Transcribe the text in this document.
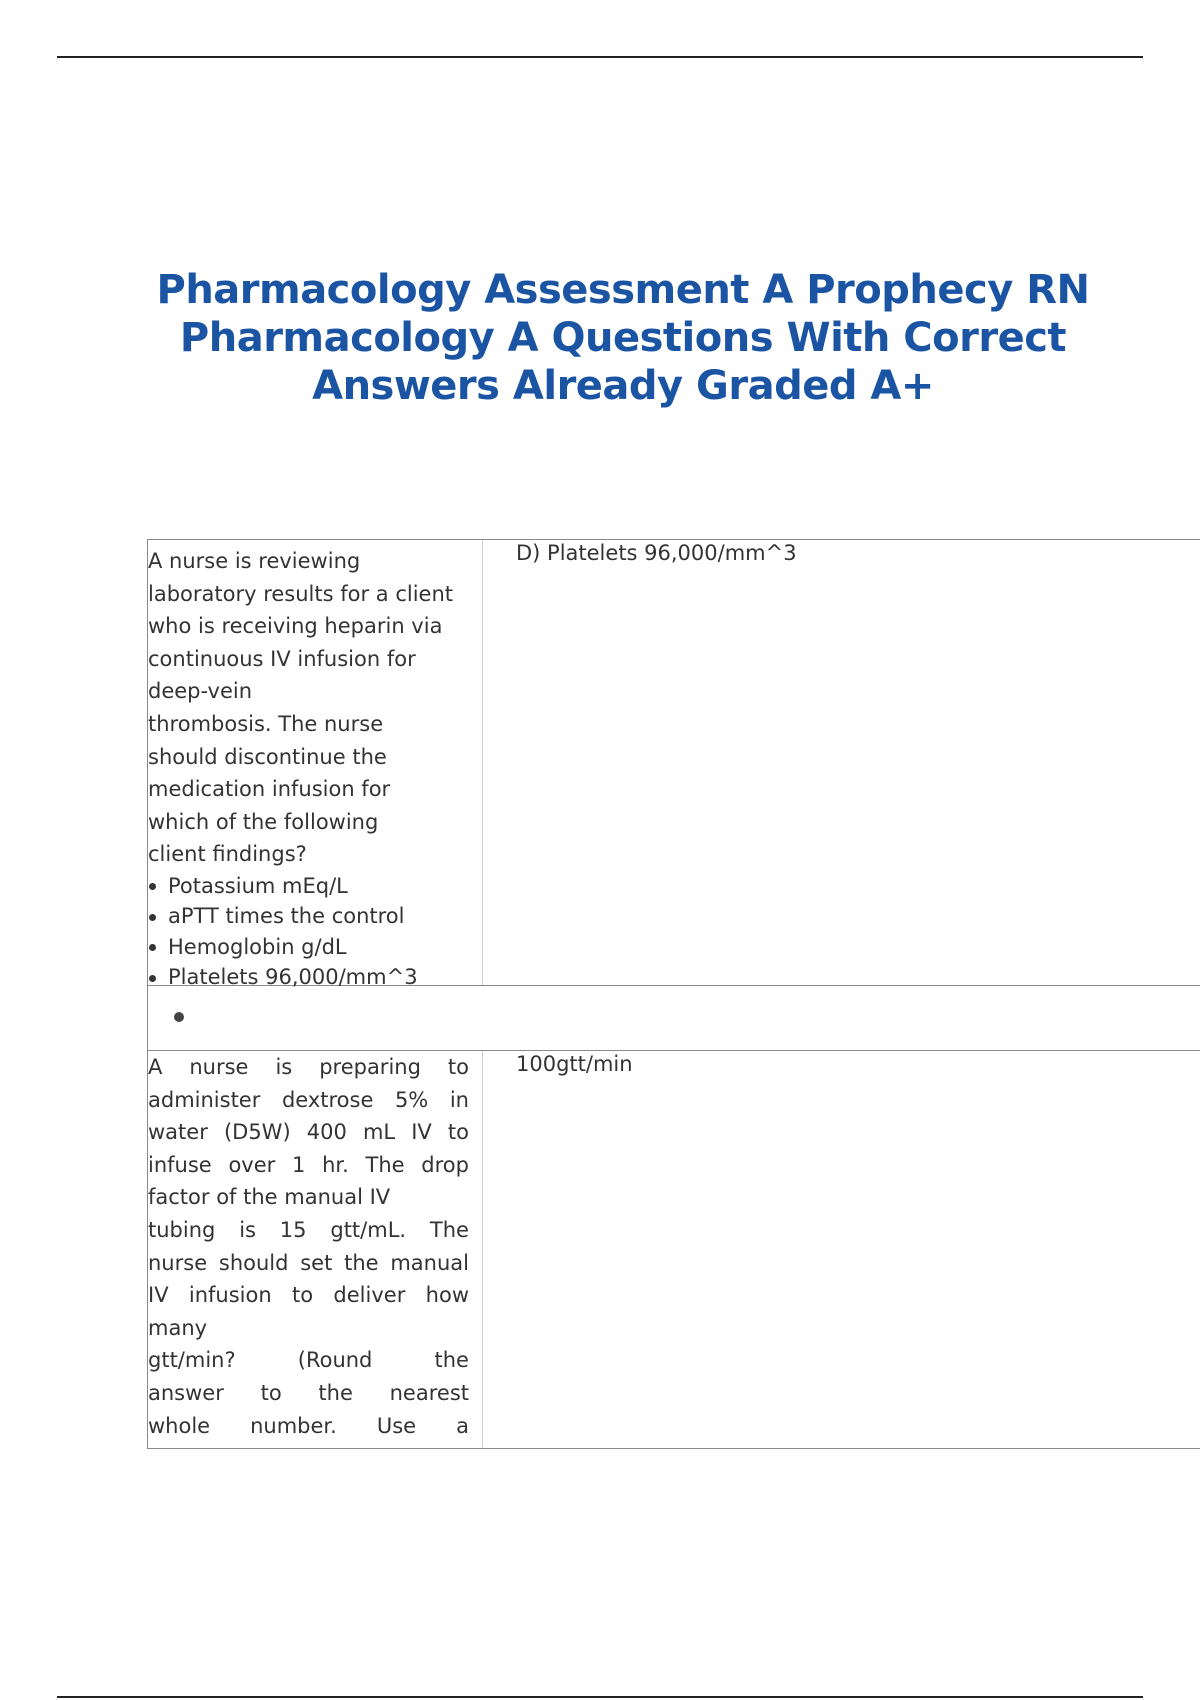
Pharmacology Assessment A Prophecy RN Pharmacology A Questions With Correct Answers Already Graded A+
A nurse is reviewing
laboratory results for a client
who is receiving heparin via
continuous IV infusion for
deep-vein
thrombosis. The nurse
should discontinue the
medication infusion for
which of the following
client findings?
Potassium mEq/L
aPTT times the control
Hemoglobin g/dL
Platelets 96,000/mm^3
D) Platelets 96,000/mm^3
A nurse is preparing to
administer dextrose 5% in
water (D5W) 400 mL IV to
infuse over 1 hr. The drop
factor of the manual IV
tubing is 15 gtt/mL. The
nurse should set the manual
IV infusion to deliver how
many
gtt/min?	(Round	the
answer to the nearest
whole number. Use a
100gtt/min
